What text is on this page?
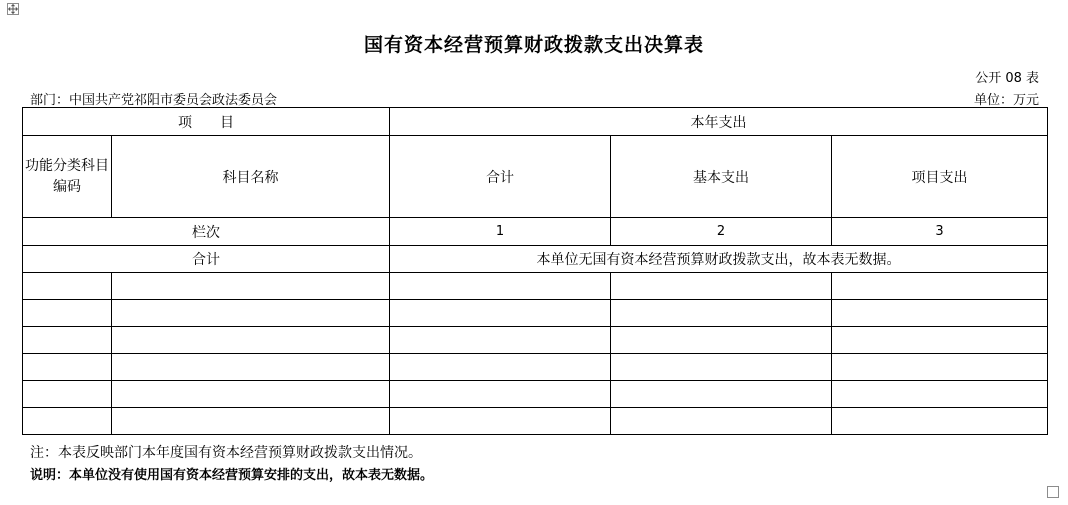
国有资本经营预算财政拨款支出决算表
公开 08 表
部门：中国共产党祁阳市委员会政法委员会	单位：万元
项　　目		本年支出		
功能分类科目编码	科目名称	合计	基本支出	项目支出
栏次		1	2	3
合计		本单位无国有资本经营预算财政拨款支出，故本表无数据。		

注：本表反映部门本年度国有资本经营预算财政拨款支出情况。
说明：本单位没有使用国有资本经营预算安排的支出，故本表无数据。
